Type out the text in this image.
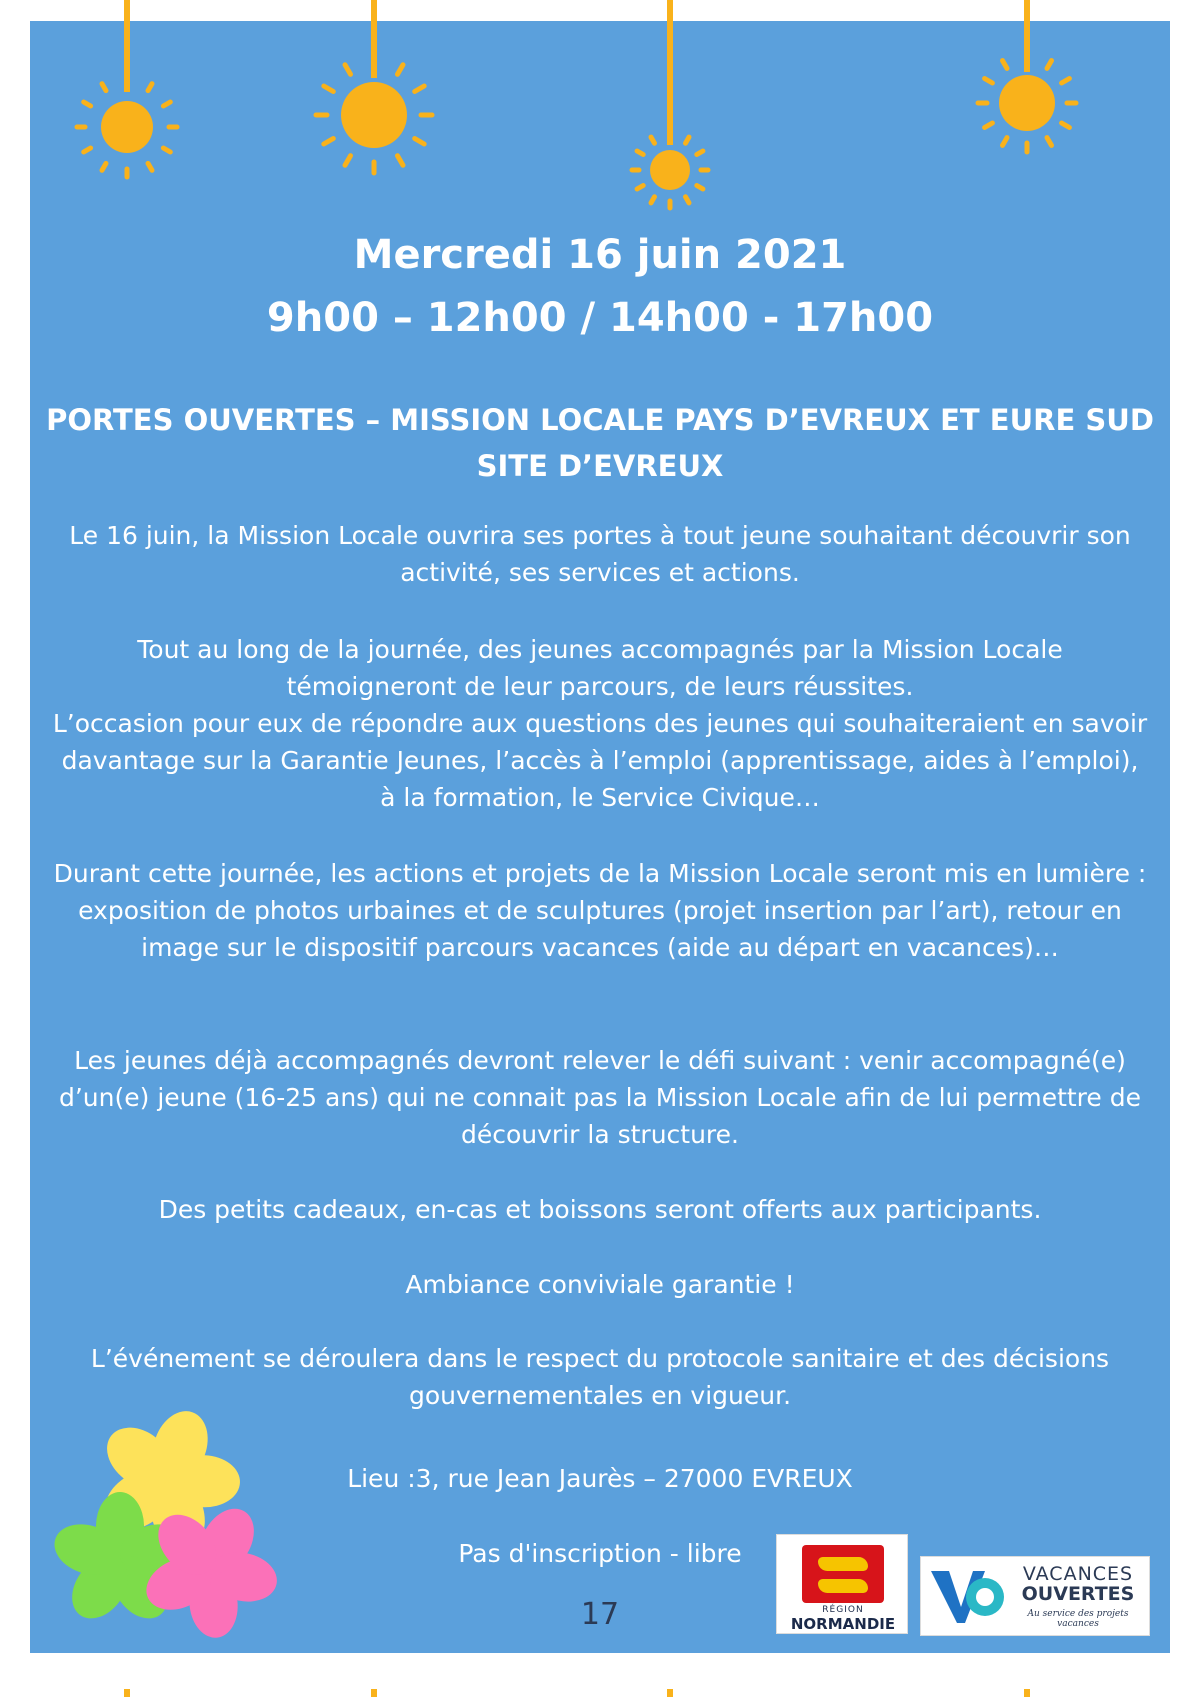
Mercredi 16 juin 2021
9h00 – 12h00 / 14h00 - 17h00
PORTES OUVERTES – MISSION LOCALE PAYS D’EVREUX ET EURE SUD
SITE D’EVREUX
Le 16 juin, la Mission Locale ouvrira ses portes à tout jeune souhaitant découvrir son activité, ses services et actions.
Tout au long de la journée, des jeunes accompagnés par la Mission Locale témoigneront de leur parcours, de leurs réussites.
L’occasion pour eux de répondre aux questions des jeunes qui souhaiteraient en savoir davantage sur la Garantie Jeunes, l’accès à l’emploi (apprentissage, aides à l’emploi), à la formation, le Service Civique…
Durant cette journée, les actions et projets de la Mission Locale seront mis en lumière : exposition de photos urbaines et de sculptures (projet insertion par l’art), retour en image sur le dispositif parcours vacances (aide au départ en vacances)…
Les jeunes déjà accompagnés devront relever le défi suivant : venir accompagné(e) d’un(e) jeune (16-25 ans) qui ne connait pas la Mission Locale afin de lui permettre de découvrir la structure.
Des petits cadeaux, en-cas et boissons seront offerts aux participants.
Ambiance conviviale garantie !
L’événement se déroulera dans le respect du protocole sanitaire et des décisions gouvernementales en vigueur.
Lieu :3, rue Jean Jaurès – 27000 EVREUX
Pas d'inscription - libre
17	RÉGION
NORMANDIE
VACANCES
OUVERTES
Au service des projets vacances
